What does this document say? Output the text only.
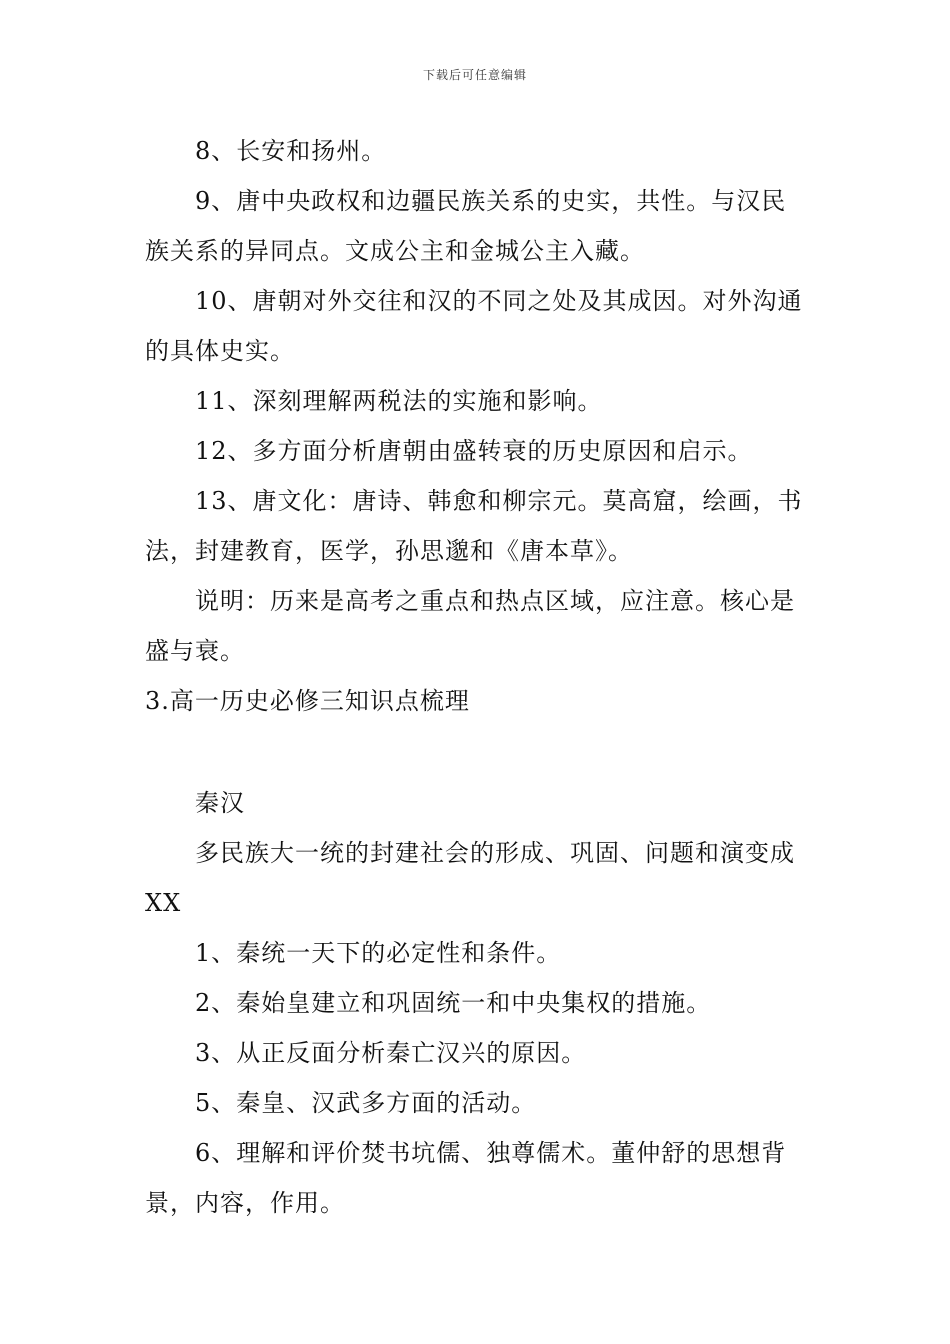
下载后可任意编辑

8、长安和扬州。

9、唐中央政权和边疆民族关系的史实，共性。与汉民族关系的异同点。文成公主和金城公主入藏。

10、唐朝对外交往和汉的不同之处及其成因。对外沟通的具体史实。

11、深刻理解两税法的实施和影响。

12、多方面分析唐朝由盛转衰的历史原因和启示。

13、唐文化：唐诗、韩愈和柳宗元。莫高窟，绘画，书法，封建教育，医学，孙思邈和《唐本草》。

说明：历来是高考之重点和热点区域，应注意。核心是盛与衰。

3.高一历史必修三知识点梳理

秦汉

多民族大一统的封建社会的形成、巩固、问题和演变成XX

1、秦统一天下的必定性和条件。

2、秦始皇建立和巩固统一和中央集权的措施。

3、从正反面分析秦亡汉兴的原因。

5、秦皇、汉武多方面的活动。

6、理解和评价焚书坑儒、独尊儒术。董仲舒的思想背景，内容，作用。
